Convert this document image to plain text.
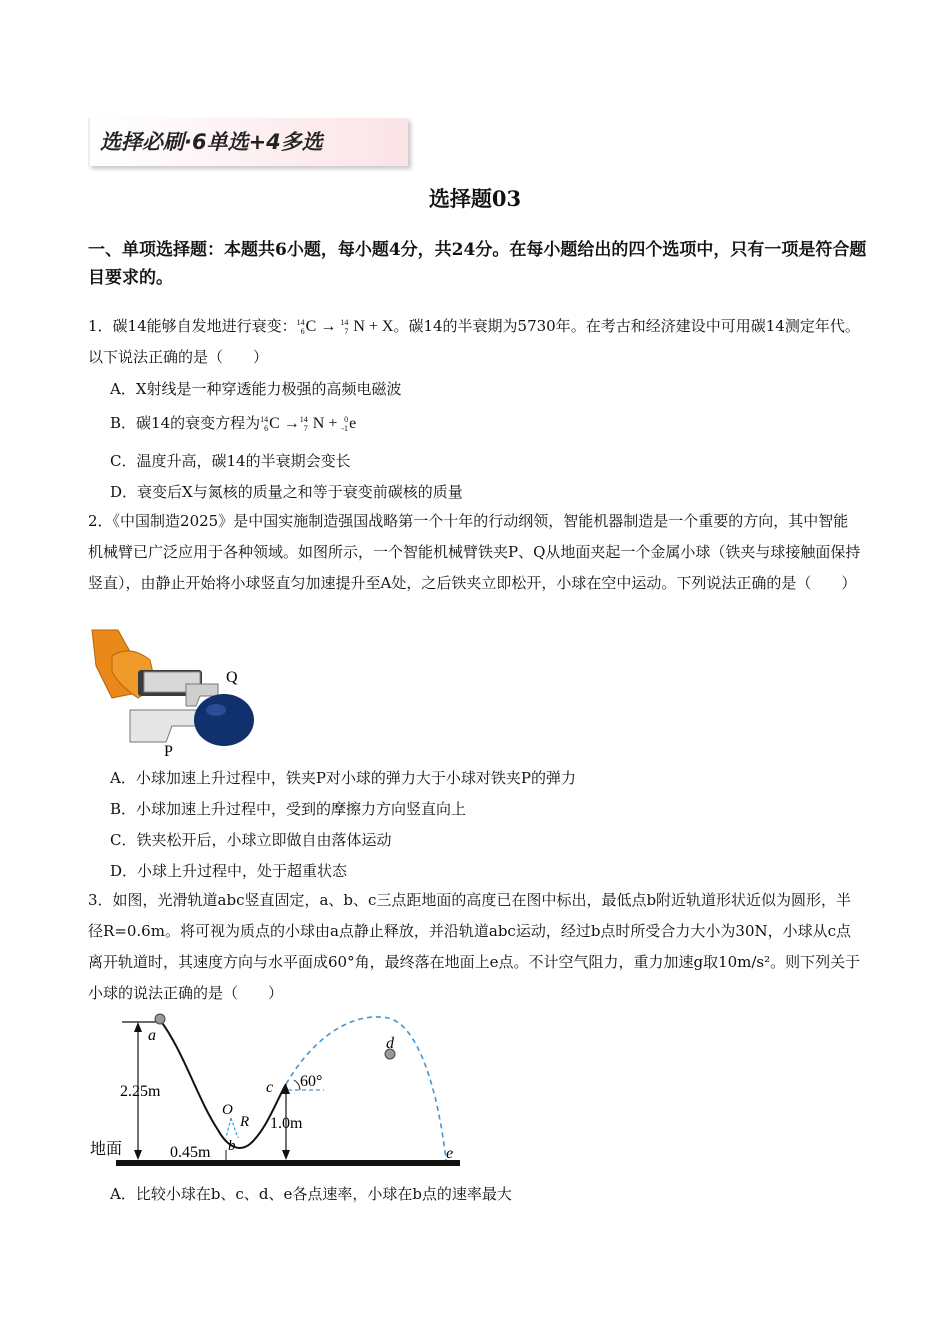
选择必刷·6单选+4多选
选择题03
一、单项选择题：本题共6小题，每小题4分，共24分。在每小题给出的四个选项中，只有一项是符合题目要求的。
1．碳14能够自发地进行衰变：14
6C → 14
7 N + X。碳14的半衰期为5730年。在考古和经济建设中可用碳14测定年代。以下说法正确的是（　　）
A．X射线是一种穿透能力极强的高频电磁波
B．碳14的衰变方程为14
6C →14
7 N + 0
-1e
C．温度升高，碳14的半衰期会变长
D．衰变后X与氮核的质量之和等于衰变前碳核的质量
2．《中国制造2025》是中国实施制造强国战略第一个十年的行动纲领，智能机器制造是一个重要的方向，其中智能机械臂已广泛应用于各种领域。如图所示，一个智能机械臂铁夹P、Q从地面夹起一个金属小球（铁夹与球接触面保持竖直），由静止开始将小球竖直匀加速提升至A处，之后铁夹立即松开，小球在空中运动。下列说法正确的是（　　）
Q
P
A．小球加速上升过程中，铁夹P对小球的弹力大于小球对铁夹P的弹力
B．小球加速上升过程中，受到的摩擦力方向竖直向上
C．铁夹松开后，小球立即做自由落体运动
D．小球上升过程中，处于超重状态
3．如图，光滑轨道abc竖直固定，a、b、c三点距地面的高度已在图中标出，最低点b附近轨道形状近似为圆形，半径R=0.6m。将可视为质点的小球由a点静止释放，并沿轨道abc运动，经过b点时所受合力大小为30N，小球从c点离开轨道时，其速度方向与水平面成60°角，最终落在地面上e点。不计空气阻力，重力加速g取10m/s²。则下列关于小球的说法正确的是（　　）
地面
2.25m
a
O
R
b
0.45m
1.0m
c 60°
d
e
A．比较小球在b、c、d、e各点速率，小球在b点的速率最大
